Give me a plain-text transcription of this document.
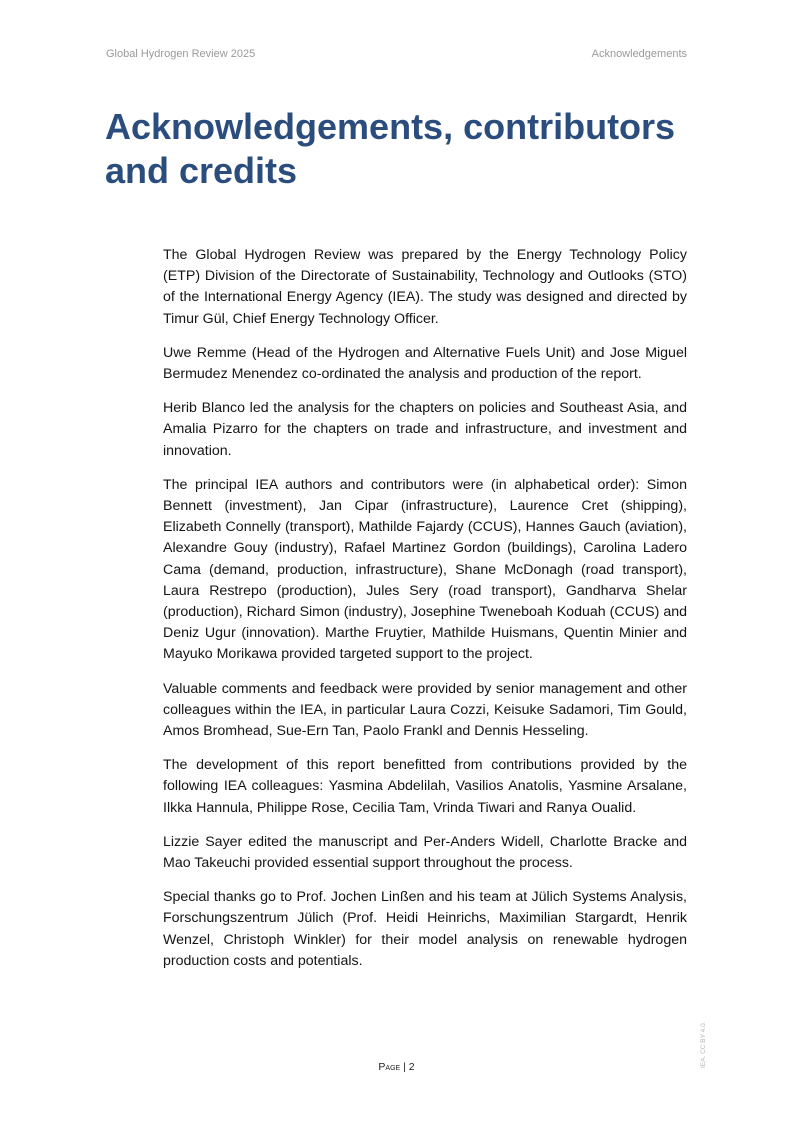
Global Hydrogen Review 2025	Acknowledgements
Acknowledgements, contributors and credits

The Global Hydrogen Review was prepared by the Energy Technology Policy (ETP) Division of the Directorate of Sustainability, Technology and Outlooks (STO) of the International Energy Agency (IEA). The study was designed and directed by Timur Gül, Chief Energy Technology Officer.

Uwe Remme (Head of the Hydrogen and Alternative Fuels Unit) and Jose Miguel Bermudez Menendez co-ordinated the analysis and production of the report.

Herib Blanco led the analysis for the chapters on policies and Southeast Asia, and Amalia Pizarro for the chapters on trade and infrastructure, and investment and innovation.

The principal IEA authors and contributors were (in alphabetical order): Simon Bennett (investment), Jan Cipar (infrastructure), Laurence Cret (shipping), Elizabeth Connelly (transport), Mathilde Fajardy (CCUS), Hannes Gauch (aviation), Alexandre Gouy (industry), Rafael Martinez Gordon (buildings), Carolina Ladero Cama (demand, production, infrastructure), Shane McDonagh (road transport), Laura Restrepo (production), Jules Sery (road transport), Gandharva Shelar (production), Richard Simon (industry), Josephine Tweneboah Koduah (CCUS) and Deniz Ugur (innovation). Marthe Fruytier, Mathilde Huismans, Quentin Minier and Mayuko Morikawa provided targeted support to the project.

Valuable comments and feedback were provided by senior management and other colleagues within the IEA, in particular Laura Cozzi, Keisuke Sadamori, Tim Gould, Amos Bromhead, Sue-Ern Tan, Paolo Frankl and Dennis Hesseling.

The development of this report benefitted from contributions provided by the following IEA colleagues: Yasmina Abdelilah, Vasilios Anatolis, Yasmine Arsalane, Ilkka Hannula, Philippe Rose, Cecilia Tam, Vrinda Tiwari and Ranya Oualid.

Lizzie Sayer edited the manuscript and Per-Anders Widell, Charlotte Bracke and Mao Takeuchi provided essential support throughout the process.

Special thanks go to Prof. Jochen Linßen and his team at Jülich Systems Analysis, Forschungszentrum Jülich (Prof. Heidi Heinrichs, Maximilian Stargardt, Henrik Wenzel, Christoph Winkler) for their model analysis on renewable hydrogen production costs and potentials.

Page | 2	IEA. CC BY 4.0.
